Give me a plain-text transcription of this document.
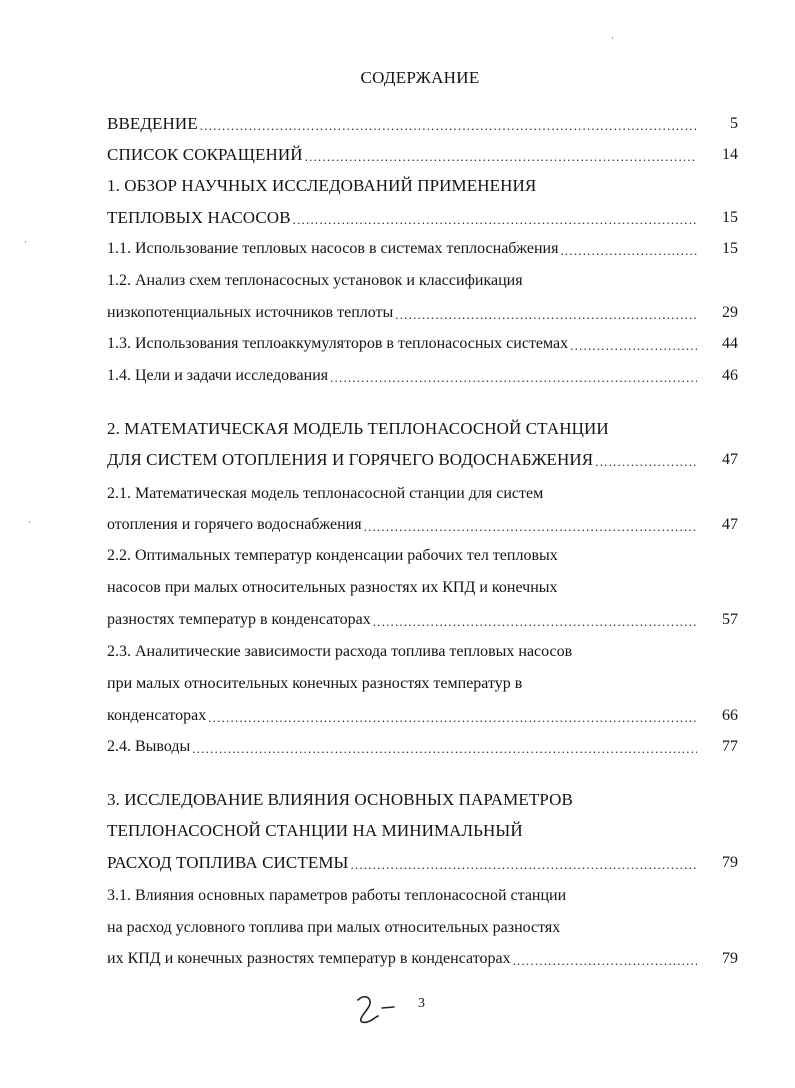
СОДЕРЖАНИЕ
ВВЕДЕНИЕ .....	5
СПИСОК СОКРАЩЕНИЙ .....	14
1. ОБЗОР НАУЧНЫХ ИССЛЕДОВАНИЙ ПРИМЕНЕНИЯ
ТЕПЛОВЫХ НАСОСОВ .....	15
1.1. Использование тепловых насосов в системах теплоснабжения .....	15
1.2. Анализ схем теплонасосных установок и классификация
низкопотенциальных источников теплоты .....	29
1.3. Использования теплоаккумуляторов в теплонасосных системах .....	44
1.4. Цели и задачи исследования .....	46
2. МАТЕМАТИЧЕСКАЯ МОДЕЛЬ ТЕПЛОНАСОСНОЙ СТАНЦИИ
ДЛЯ СИСТЕМ ОТОПЛЕНИЯ И ГОРЯЧЕГО ВОДОСНАБЖЕНИЯ .....	47
2.1. Математическая модель теплонасосной станции для систем
отопления и горячего водоснабжения .....	47
2.2. Оптимальных температур конденсации рабочих тел тепловых
насосов при малых относительных разностях их КПД и конечных
разностях температур в конденсаторах .....	57
2.3. Аналитические зависимости расхода топлива тепловых насосов
при малых относительных конечных разностях температур в
конденсаторах .....	66
2.4. Выводы .....	77
3. ИССЛЕДОВАНИЕ ВЛИЯНИЯ ОСНОВНЫХ ПАРАМЕТРОВ
ТЕПЛОНАСОСНОЙ СТАНЦИИ НА МИНИМАЛЬНЫЙ
РАСХОД ТОПЛИВА СИСТЕМЫ .....	79
3.1. Влияния основных параметров работы теплонасосной станции
на расход условного топлива при малых относительных разностях
их КПД и конечных разностях температур в конденсаторах .....	79
3
·
·
·
